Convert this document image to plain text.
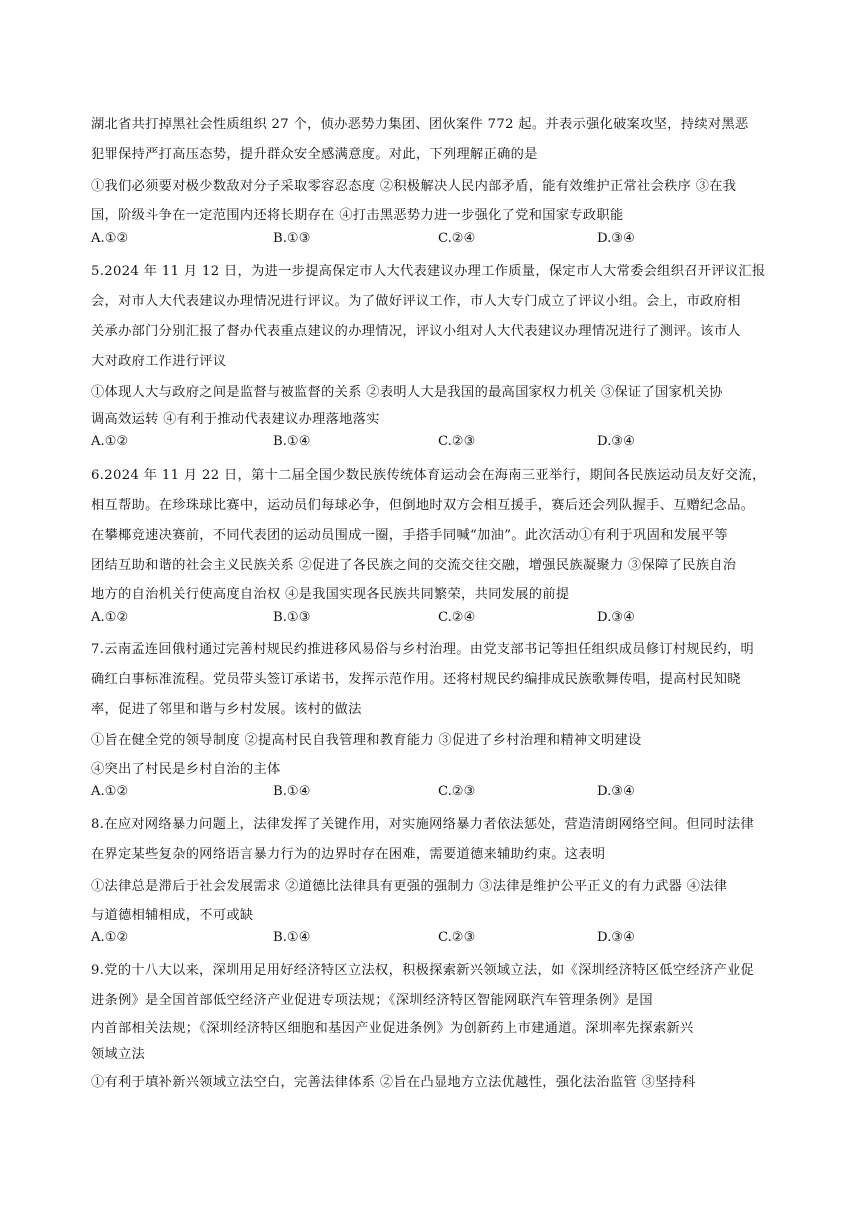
湖北省共打掉黑社会性质组织 27 个，侦办恶势力集团、团伙案件 772 起。并表示强化破案攻坚，持续对黑恶
犯罪保持严打高压态势，提升群众安全感满意度。对此，下列理解正确的是
①我们必须要对极少数敌对分子采取零容忍态度 ②积极解决人民内部矛盾，能有效维护正常社会秩序 ③在我
国，阶级斗争在一定范围内还将长期存在 ④打击黑恶势力进一步强化了党和国家专政职能
A.①②	B.①③	C.②④	D.③④
5.2024 年 11 月 12 日，为进一步提高保定市人大代表建议办理工作质量，保定市人大常委会组织召开评议汇报
会，对市人大代表建议办理情况进行评议。为了做好评议工作，市人大专门成立了评议小组。会上，市政府相
关承办部门分别汇报了督办代表重点建议的办理情况，评议小组对人大代表建议办理情况进行了测评。该市人
大对政府工作进行评议
①体现人大与政府之间是监督与被监督的关系 ②表明人大是我国的最高国家权力机关 ③保证了国家机关协
调高效运转 ④有利于推动代表建议办理落地落实
A.①②	B.①④	C.②③	D.③④
6.2024 年 11 月 22 日，第十二届全国少数民族传统体育运动会在海南三亚举行，期间各民族运动员友好交流，
相互帮助。在珍珠球比赛中，运动员们每球必争，但倒地时双方会相互援手，赛后还会列队握手、互赠纪念品。
在攀椰竞速决赛前，不同代表团的运动员围成一圈，手搭手同喊“加油”。此次活动①有利于巩固和发展平等
团结互助和谐的社会主义民族关系 ②促进了各民族之间的交流交往交融，增强民族凝聚力 ③保障了民族自治
地方的自治机关行使高度自治权 ④是我国实现各民族共同繁荣，共同发展的前提
A.①②	B.①③	C.②④	D.③④
7.云南孟连回俄村通过完善村规民约推进移风易俗与乡村治理。由党支部书记等担任组织成员修订村规民约，明
确红白事标准流程。党员带头签订承诺书，发挥示范作用。还将村规民约编排成民族歌舞传唱，提高村民知晓
率，促进了邻里和谐与乡村发展。该村的做法
①旨在健全党的领导制度 ②提高村民自我管理和教育能力 ③促进了乡村治理和精神文明建设
④突出了村民是乡村自治的主体
A.①②	B.①④	C.②③	D.③④
8.在应对网络暴力问题上，法律发挥了关键作用，对实施网络暴力者依法惩处，营造清朗网络空间。但同时法律
在界定某些复杂的网络语言暴力行为的边界时存在困难，需要道德来辅助约束。这表明
①法律总是滞后于社会发展需求 ②道德比法律具有更强的强制力 ③法律是维护公平正义的有力武器 ④法律
与道德相辅相成，不可或缺
A.①②	B.①④	C.②③	D.③④
9.党的十八大以来，深圳用足用好经济特区立法权，积极探索新兴领域立法，如《深圳经济特区低空经济产业促
进条例》是全国首部低空经济产业促进专项法规；《深圳经济特区智能网联汽车管理条例》是国
内首部相关法规；《深圳经济特区细胞和基因产业促进条例》为创新药上市建通道。深圳率先探索新兴
领域立法
①有利于填补新兴领域立法空白，完善法律体系 ②旨在凸显地方立法优越性，强化法治监管 ③坚持科
